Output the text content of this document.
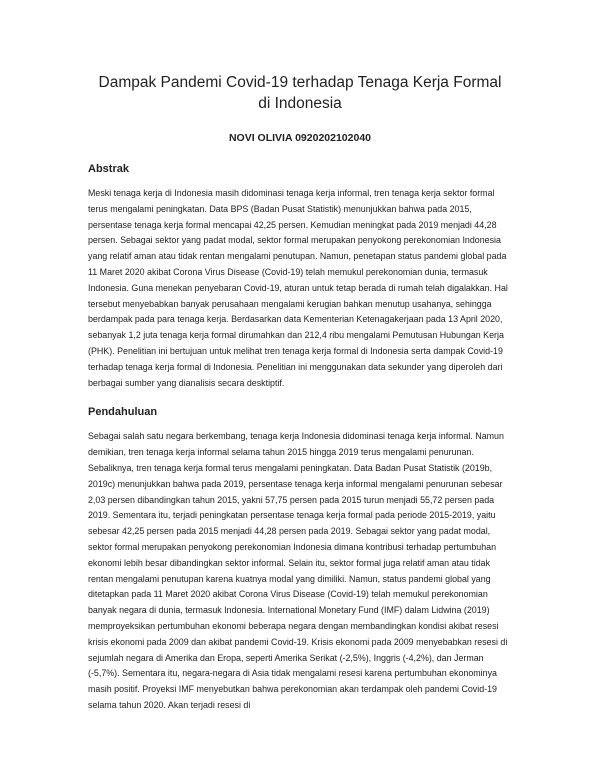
Dampak Pandemi Covid-19 terhadap Tenaga Kerja Formal di Indonesia
NOVI OLIVIA 0920202102040
Abstrak

Meski tenaga kerja di Indonesia masih didominasi tenaga kerja informal, tren tenaga kerja sektor formal terus mengalami peningkatan. Data BPS (Badan Pusat Statistik) menunjukkan bahwa pada 2015, persentase tenaga kerja formal mencapai 42,25 persen. Kemudian meningkat pada 2019 menjadi 44,28 persen. Sebagai sektor yang padat modal, sektor formal merupakan penyokong perekonomian Indonesia yang relatif aman atau tidak rentan mengalami penutupan. Namun, penetapan status pandemi global pada 11 Maret 2020 akibat Corona Virus Disease (Covid-19) telah memukul perekonomian dunia, termasuk Indonesia. Guna menekan penyebaran Covid-19, aturan untuk tetap berada di rumah telah digalakkan. Hal tersebut menyebabkan banyak perusahaan mengalami kerugian bahkan menutup usahanya, sehingga berdampak pada para tenaga kerja. Berdasarkan data Kementerian Ketenagakerjaan pada 13 April 2020, sebanyak 1,2 juta tenaga kerja formal dirumahkan dan 212,4 ribu mengalami Pemutusan Hubungan Kerja (PHK). Penelitian ini bertujuan untuk melihat tren tenaga kerja formal di Indonesia serta dampak Covid-19 terhadap tenaga kerja formal di Indonesia. Penelitian ini menggunakan data sekunder yang diperoleh dari berbagai sumber yang dianalisis secara desktiptif.

Pendahuluan

Sebagai salah satu negara berkembang, tenaga kerja Indonesia didominasi tenaga kerja informal. Namun demikian, tren tenaga kerja informal selama tahun 2015 hingga 2019 terus mengalami penurunan. Sebaliknya, tren tenaga kerja formal terus mengalami peningkatan. Data Badan Pusat Statistik (2019b, 2019c) menunjukkan bahwa pada 2019, persentase tenaga kerja informal mengalami penurunan sebesar 2,03 persen dibandingkan tahun 2015, yakni 57,75 persen pada 2015 turun menjadi 55,72 persen pada 2019. Sementara itu, terjadi peningkatan persentase tenaga kerja formal pada periode 2015-2019, yaitu sebesar 42,25 persen pada 2015 menjadi 44,28 persen pada 2019. Sebagai sektor yang padat modal, sektor formal merupakan penyokong perekonomian Indonesia dimana kontribusi terhadap pertumbuhan ekonomi lebih besar dibandingkan sektor informal. Selain itu, sektor formal juga relatif aman atau tidak rentan mengalami penutupan karena kuatnya modal yang dimiliki. Namun, status pandemi global yang ditetapkan pada 11 Maret 2020 akibat Corona Virus Disease (Covid-19) telah memukul perekonomian banyak negara di dunia, termasuk Indonesia. International Monetary Fund (IMF) dalam Lidwina (2019) memproyeksikan pertumbuhan ekonomi beberapa negara dengan membandingkan kondisi akibat resesi krisis ekonomi pada 2009 dan akibat pandemi Covid-19. Krisis ekonomi pada 2009 menyebabkan resesi di sejumlah negara di Amerika dan Eropa, seperti Amerika Serikat (-2,5%), Inggris (-4,2%), dan Jerman (-5,7%). Sementara itu, negara-negara di Asia tidak mengalami resesi karena pertumbuhan ekonominya masih positif. Proyeksi IMF menyebutkan bahwa perekonomian akan terdampak oleh pandemi Covid-19 selama tahun 2020. Akan terjadi resesi di
